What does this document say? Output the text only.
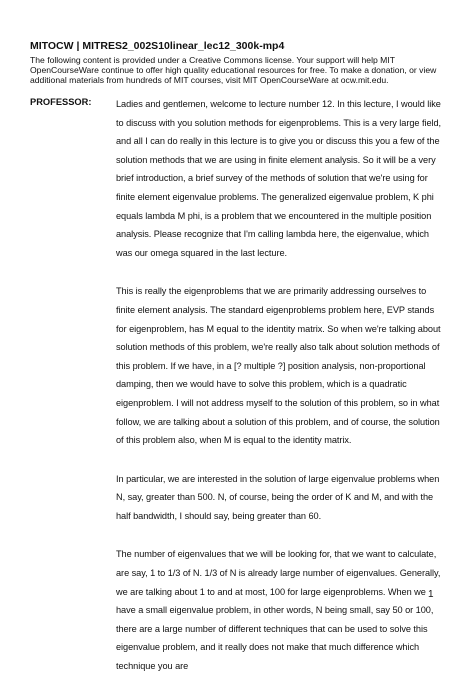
MITOCW | MITRES2_002S10linear_lec12_300k-mp4
The following content is provided under a Creative Commons license. Your support will help MIT OpenCourseWare continue to offer high quality educational resources for free. To make a donation, or view additional materials from hundreds of MIT courses, visit MIT OpenCourseWare at ocw.mit.edu.
PROFESSOR:	Ladies and gentlemen, welcome to lecture number 12. In this lecture, I would like to discuss with you solution methods for eigenproblems. This is a very large field, and all I can do really in this lecture is to give you or discuss this you a few of the solution methods that we are using in finite element analysis. So it will be a very brief introduction, a brief survey of the methods of solution that we're using for finite element eigenvalue problems. The generalized eigenvalue problem, K phi equals lambda M phi, is a problem that we encountered in the multiple position analysis. Please recognize that I'm calling lambda here, the eigenvalue, which was our omega squared in the last lecture.

This is really the eigenproblems that we are primarily addressing ourselves to finite element analysis. The standard eigenproblems problem here, EVP stands for eigenproblem, has M equal to the identity matrix. So when we're talking about solution methods of this problem, we're really also talk about solution methods of this problem. If we have, in a [? multiple ?] position analysis, non-proportional damping, then we would have to solve this problem, which is a quadratic eigenproblem. I will not address myself to the solution of this problem, so in what follow, we are talking about a solution of this problem, and of course, the solution of this problem also, when M is equal to the identity matrix.

In particular, we are interested in the solution of large eigenvalue problems when N, say, greater than 500. N, of course, being the order of K and M, and with the half bandwidth, I should say, being greater than 60.

The number of eigenvalues that we will be looking for, that we want to calculate, are say, 1 to 1/3 of N. 1/3 of N is already large number of eigenvalues. Generally, we are talking about 1 to and at most, 100 for large eigenproblems. When we have a small eigenvalue problem, in other words, N being small, say 50 or 100, there are a large number of different techniques that can be used to solve this eigenvalue problem, and it really does not make that much difference which technique you are

1
